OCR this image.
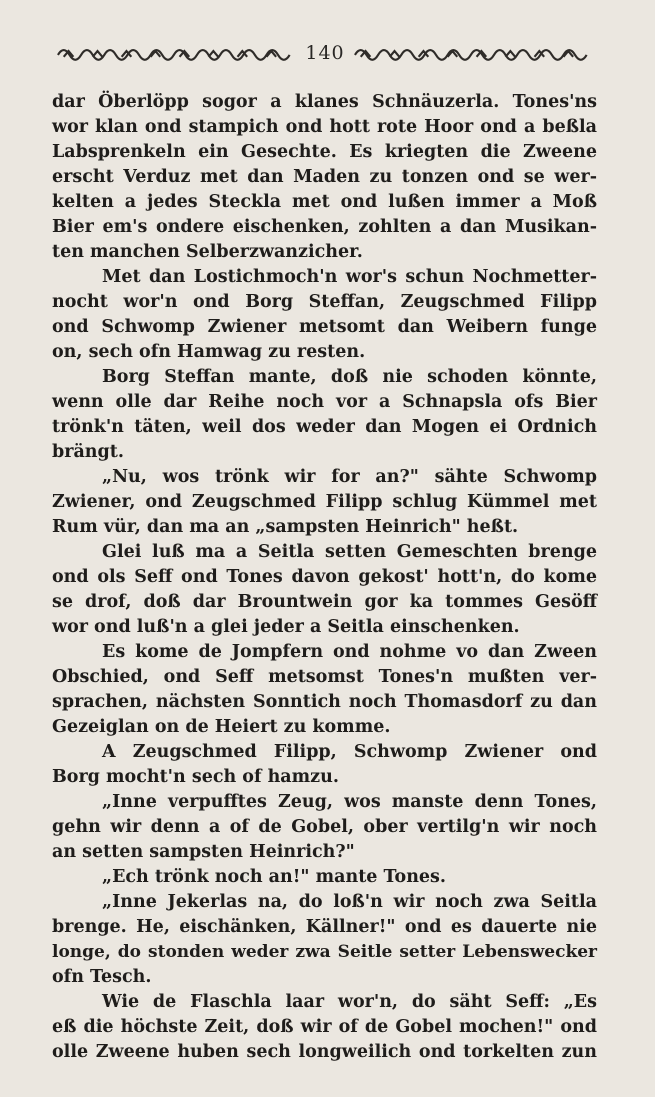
140
dar Öberlöpp sogor a klanes Schnäuzerla. Tones'ns
wor klan ond stampich ond hott rote Hoor ond a beßla
Labsprenkeln ein Gesechte. Es kriegten die Zweene
erscht Verduz met dan Maden zu tonzen ond se wer-
kelten a jedes Steckla met ond lußen immer a Moß
Bier em's ondere eischenken, zohlten a dan Musikan-
ten manchen Selberzwanzicher.
Met dan Lostichmoch'n wor's schun Nochmetter-
nocht wor'n ond Borg Steffan, Zeugschmed Filipp
ond Schwomp Zwiener metsomt dan Weibern funge
on, sech ofn Hamwag zu resten.
Borg Steffan mante, doß nie schoden könnte,
wenn olle dar Reihe noch vor a Schnapsla ofs Bier
trönk'n täten, weil dos weder dan Mogen ei Ordnich
brängt.
„Nu, wos trönk wir for an?" sähte Schwomp
Zwiener, ond Zeugschmed Filipp schlug Kümmel met
Rum vür, dan ma an „sampsten Heinrich" heßt.
Glei luß ma a Seitla setten Gemeschten brenge
ond ols Seff ond Tones davon gekost' hott'n, do kome
se drof, doß dar Brountwein gor ka tommes Gesöff
wor ond luß'n a glei jeder a Seitla einschenken.
Es kome de Jompfern ond nohme vo dan Zween
Obschied, ond Seff metsomst Tones'n mußten ver-
sprachen, nächsten Sonntich noch Thomasdorf zu dan
Gezeiglan on de Heiert zu komme.
A Zeugschmed Filipp, Schwomp Zwiener ond
Borg mocht'n sech of hamzu.
„Inne verpufftes Zeug, wos manste denn Tones,
gehn wir denn a of de Gobel, ober vertilg'n wir noch
an setten sampsten Heinrich?"
„Ech trönk noch an!" mante Tones.
„Inne Jekerlas na, do loß'n wir noch zwa Seitla
brenge. He, eischänken, Källner!" ond es dauerte nie
longe, do stonden weder zwa Seitle setter Lebenswecker
ofn Tesch.
Wie de Flaschla laar wor'n, do säht Seff: „Es
eß die höchste Zeit, doß wir of de Gobel mochen!" ond
olle Zweene huben sech longweilich ond torkelten zun
